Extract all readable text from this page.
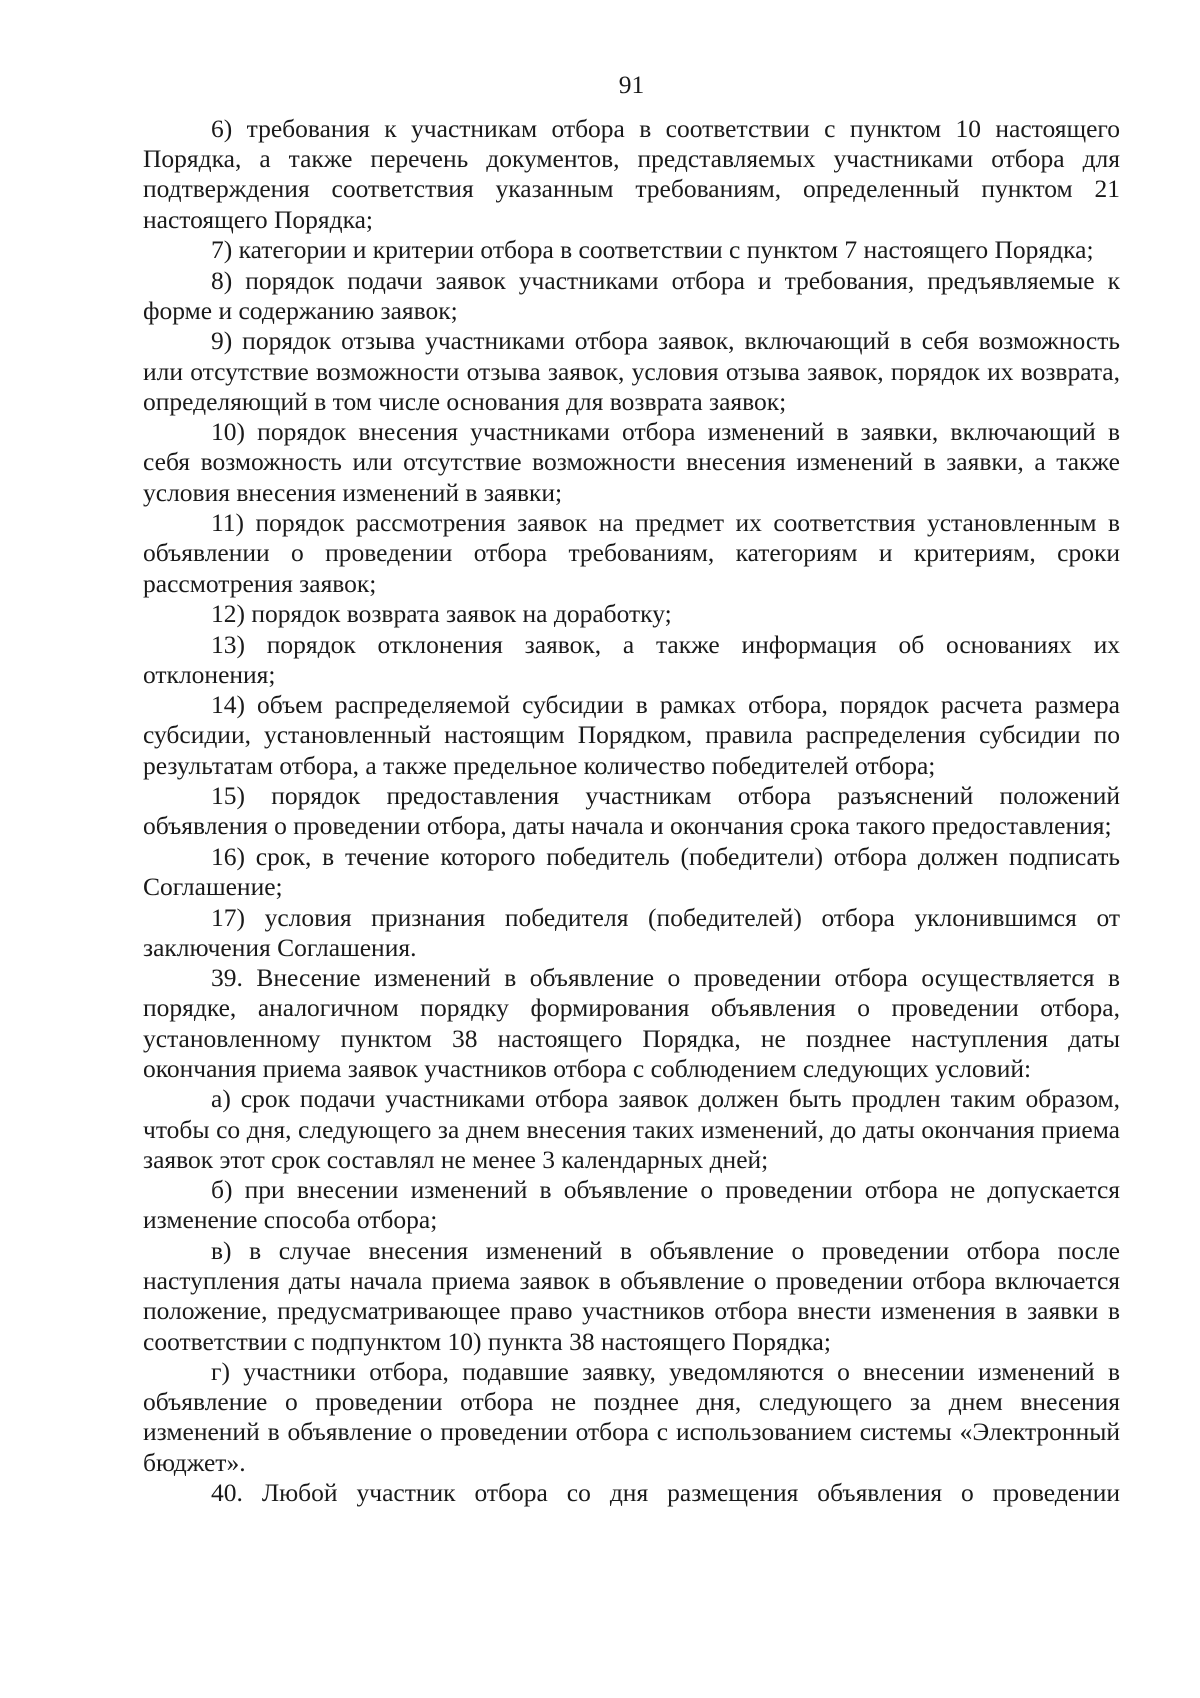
91

6) требования к участникам отбора в соответствии с пунктом 10 настоящего Порядка, а также перечень документов, представляемых участниками отбора для подтверждения соответствия указанным требованиям, определенный пунктом 21 настоящего Порядка;

7) категории и критерии отбора в соответствии с пунктом 7 настоящего Порядка;

8) порядок подачи заявок участниками отбора и требования, предъявляемые к форме и содержанию заявок;

9) порядок отзыва участниками отбора заявок, включающий в себя возможность или отсутствие возможности отзыва заявок, условия отзыва заявок, порядок их возврата, определяющий в том числе основания для возврата заявок;

10) порядок внесения участниками отбора изменений в заявки, включающий в себя возможность или отсутствие возможности внесения изменений в заявки, а также условия внесения изменений в заявки;

11) порядок рассмотрения заявок на предмет их соответствия установленным в объявлении о проведении отбора требованиям, категориям и критериям, сроки рассмотрения заявок;

12) порядок возврата заявок на доработку;

13) порядок отклонения заявок, а также информация об основаниях их отклонения;

14) объем распределяемой субсидии в рамках отбора, порядок расчета размера субсидии, установленный настоящим Порядком, правила распределения субсидии по результатам отбора, а также предельное количество победителей отбора;

15) порядок предоставления участникам отбора разъяснений положений объявления о проведении отбора, даты начала и окончания срока такого предоставления;

16) срок, в течение которого победитель (победители) отбора должен подписать Соглашение;

17) условия признания победителя (победителей) отбора уклонившимся от заключения Соглашения.

39. Внесение изменений в объявление о проведении отбора осуществляется в порядке, аналогичном порядку формирования объявления о проведении отбора, установленному пунктом 38 настоящего Порядка, не позднее наступления даты окончания приема заявок участников отбора с соблюдением следующих условий:

а) срок подачи участниками отбора заявок должен быть продлен таким образом, чтобы со дня, следующего за днем внесения таких изменений, до даты окончания приема заявок этот срок составлял не менее 3 календарных дней;

б) при внесении изменений в объявление о проведении отбора не допускается изменение способа отбора;

в) в случае внесения изменений в объявление о проведении отбора после наступления даты начала приема заявок в объявление о проведении отбора включается положение, предусматривающее право участников отбора внести изменения в заявки в соответствии с подпунктом 10) пункта 38 настоящего Порядка;

г) участники отбора, подавшие заявку, уведомляются о внесении изменений в объявление о проведении отбора не позднее дня, следующего за днем внесения изменений в объявление о проведении отбора с использованием системы «Электронный бюджет».

40. Любой участник отбора со дня размещения объявления о проведении
